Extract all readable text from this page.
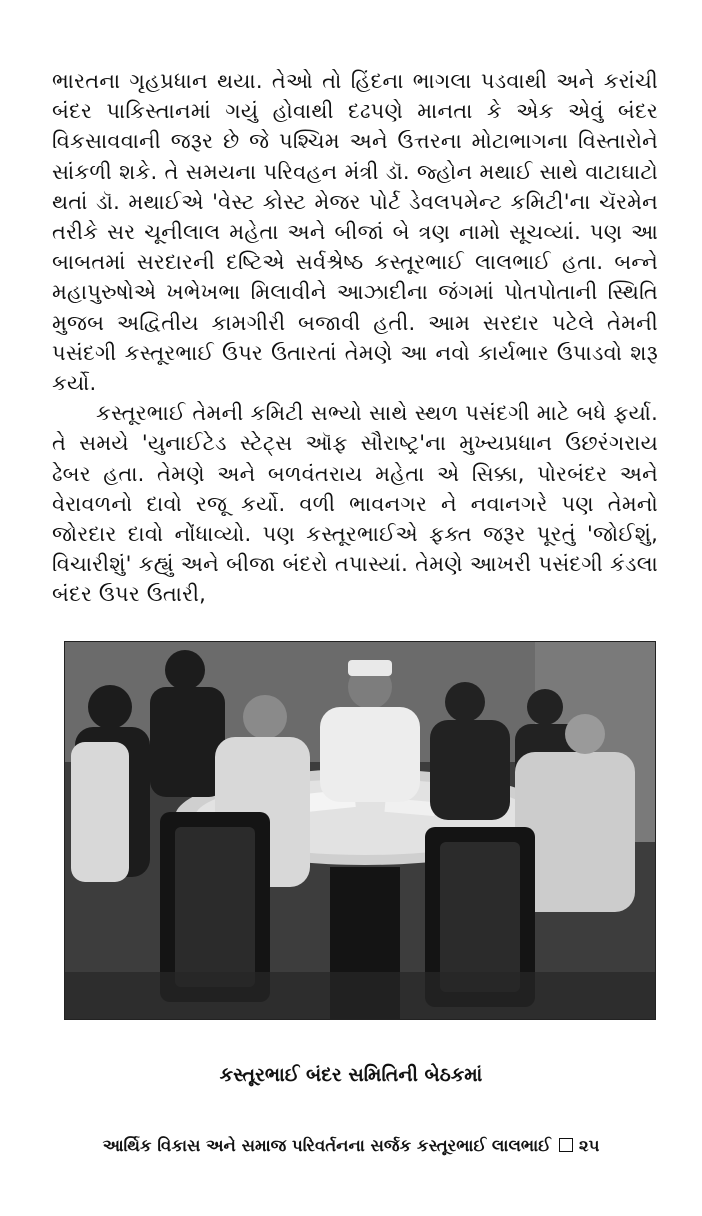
ભારતના ગૃહપ્રધાન થયા. તેઓ તો હિંદના ભાગલા પડવાથી અને કરાંચી બંદર પાકિસ્તાનમાં ગયું હોવાથી દઢપણે માનતા કે એક એવું બંદર વિકસાવવાની જરૂર છે જે પશ્ચિમ અને ઉત્તરના મોટાભાગના વિસ્તારોને સાંકળી શકે. તે સમયના પરિવહન મંત્રી ડૉ. જ્હોન મથાઈ સાથે વાટાઘાટો થતાં ડૉ. મથાઈએ 'વેસ્ટ કોસ્ટ મેજર પોર્ટ ડેવલપમેન્ટ કમિટી'ના ચૅરમેન તરીકે સર ચૂનીલાલ મહેતા અને બીજાં બે ત્રણ નામો સૂચવ્યાં. પણ આ બાબતમાં સરદારની દષ્ટિએ સર્વશ્રેષ્ઠ કસ્તૂરભાઈ લાલભાઈ હતા. બન્ને મહાપુરુષોએ ખભેખભા મિલાવીને આઝાદીના જંગમાં પોતપોતાની સ્થિતિ મુજબ અદ્વિતીય કામગીરી બજાવી હતી. આમ સરદાર પટેલે તેમની પસંદગી કસ્તૂરભાઈ ઉપર ઉતારતાં તેમણે આ નવો કાર્યભાર ઉપાડવો શરૂ કર્યો.

કસ્તૂરભાઈ તેમની કમિટી સભ્યો સાથે સ્થળ પસંદગી માટે બધે ફર્યા. તે સમયે 'યુનાઈટેડ સ્ટેટ્સ ઑફ સૌરાષ્ટ્ર'ના મુખ્યપ્રધાન ઉછરંગરાય ઢેબર હતા. તેમણે અને બળવંતરાય મહેતા એ સિક્કા, પોરબંદર અને વેરાવળનો દાવો રજૂ કર્યો. વળી ભાવનગર ને નવાનગરે પણ તેમનો જોરદાર દાવો નોંધાવ્યો. પણ કસ્તૂરભાઈએ ફક્ત જરૂર પૂરતું 'જોઈશું, વિચારીશું' કહ્યું અને બીજા બંદરો તપાસ્યાં. તેમણે આખરી પસંદગી કંડલા બંદર ઉપર ઉતારી,

કસ્તૂરભાઈ બંદર સમિતિની બેઠકમાં
આર્થિક વિકાસ અને સમાજ પરિવર્તનના સર્જક કસ્તૂરભાઈ લાલભાઈ ૨૫
